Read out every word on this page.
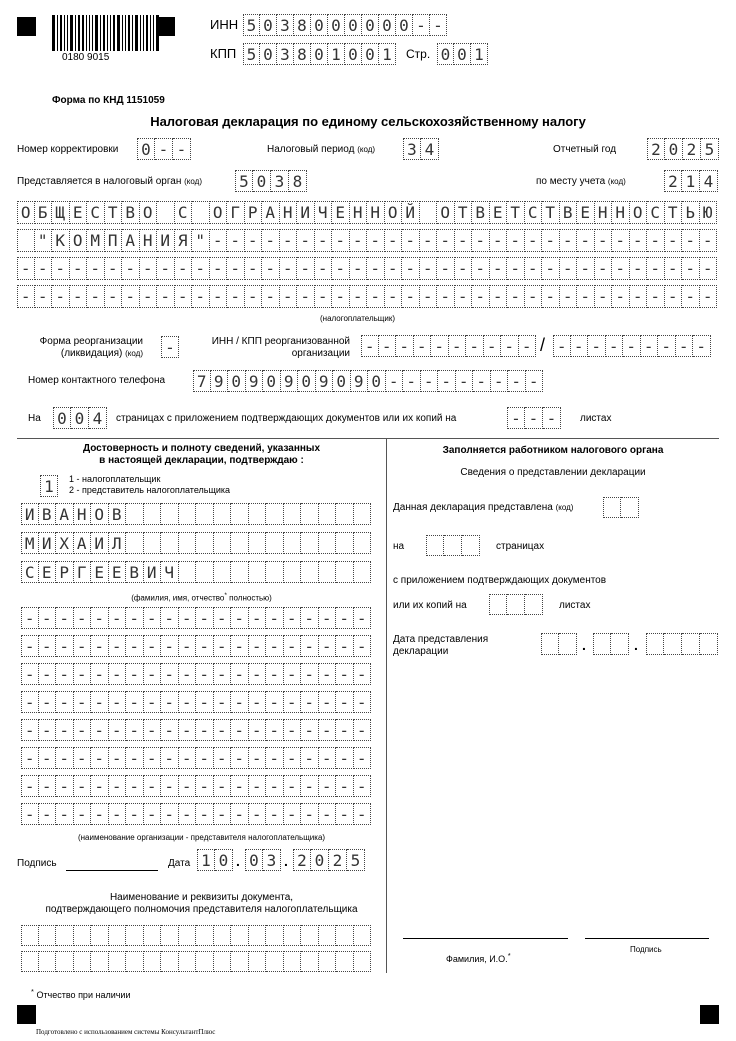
0180 9015
ИНН 5 0 3 8 0 0 0 0 0 0 - -
КПП 5 0 3 8 0 1 0 0 1	Стр. 0 0 1
Форма по КНД 1151059
Налоговая декларация по единому сельскохозяйственному налогу
Номер корректировки 0 - -	Налоговый период (код) 3 4	Отчетный год 2 0 2 5
Представляется в налоговый орган (код) 5 0 3 8	по месту учета (код)	2 1 4
О Б Щ Е С Т В О С О Г Р А Н И Ч Е Н Н О Й О Т В Е Т С Т В Е Н Н О С Т Ь Ю
" К О М П А Н И Я " - - - - - - - - - - - - - - - - - - - - - - - - - - - - -
- - - - - - - - - - - - - - - - - - - - - - - - - - - - - - - - - - - - - - - -
- - - - - - - - - - - - - - - - - - - - - - - - - - - - - - - - - - - - - - - -
(налогоплательщик)
Форма реорганизации
(ликвидация) (код) -	ИНН / КПП реорганизованной
организации - - - - - - - - - - / - - - - - - - - -
Номер контактного телефона 7 9 0 9 0 9 0 9 0 9 0 - - - - - - - - -
На 0 0 4	страницах с приложением подтверждающих документов или их копий на	- - -	листах
Достоверность и полноту сведений, указанных
в настоящей декларации, подтверждаю :
1	1 - налогоплательщик
2 - представитель налогоплательщика
И В А Н О В
М И Х А И Л
С Е Р Г Е Е В И Ч
(фамилия, имя, отчество* полностью)
- - - - - - - - - - - - - - - - - - - -
- - - - - - - - - - - - - - - - - - - -
- - - - - - - - - - - - - - - - - - - -
- - - - - - - - - - - - - - - - - - - -
- - - - - - - - - - - - - - - - - - - -
- - - - - - - - - - - - - - - - - - - -
- - - - - - - - - - - - - - - - - - - -
- - - - - - - - - - - - - - - - - - - -
(наименование организации - представителя налогоплательщика)
Подпись	Дата 1 0 . 0 3 . 2 0 2 5
Наименование и реквизиты документа,
подтверждающего полномочия представителя налогоплательщика
Заполняется работником налогового органа
Сведения о представлении декларации
Данная декларация представлена (код)
на	страницах
с приложением подтверждающих документов
или их копий на	листах
Дата представления
декларации	.	.
Фамилия, И.О.*
Подпись
* Отчество при наличии
Подготовлено с использованием системы КонсультантПлюс
